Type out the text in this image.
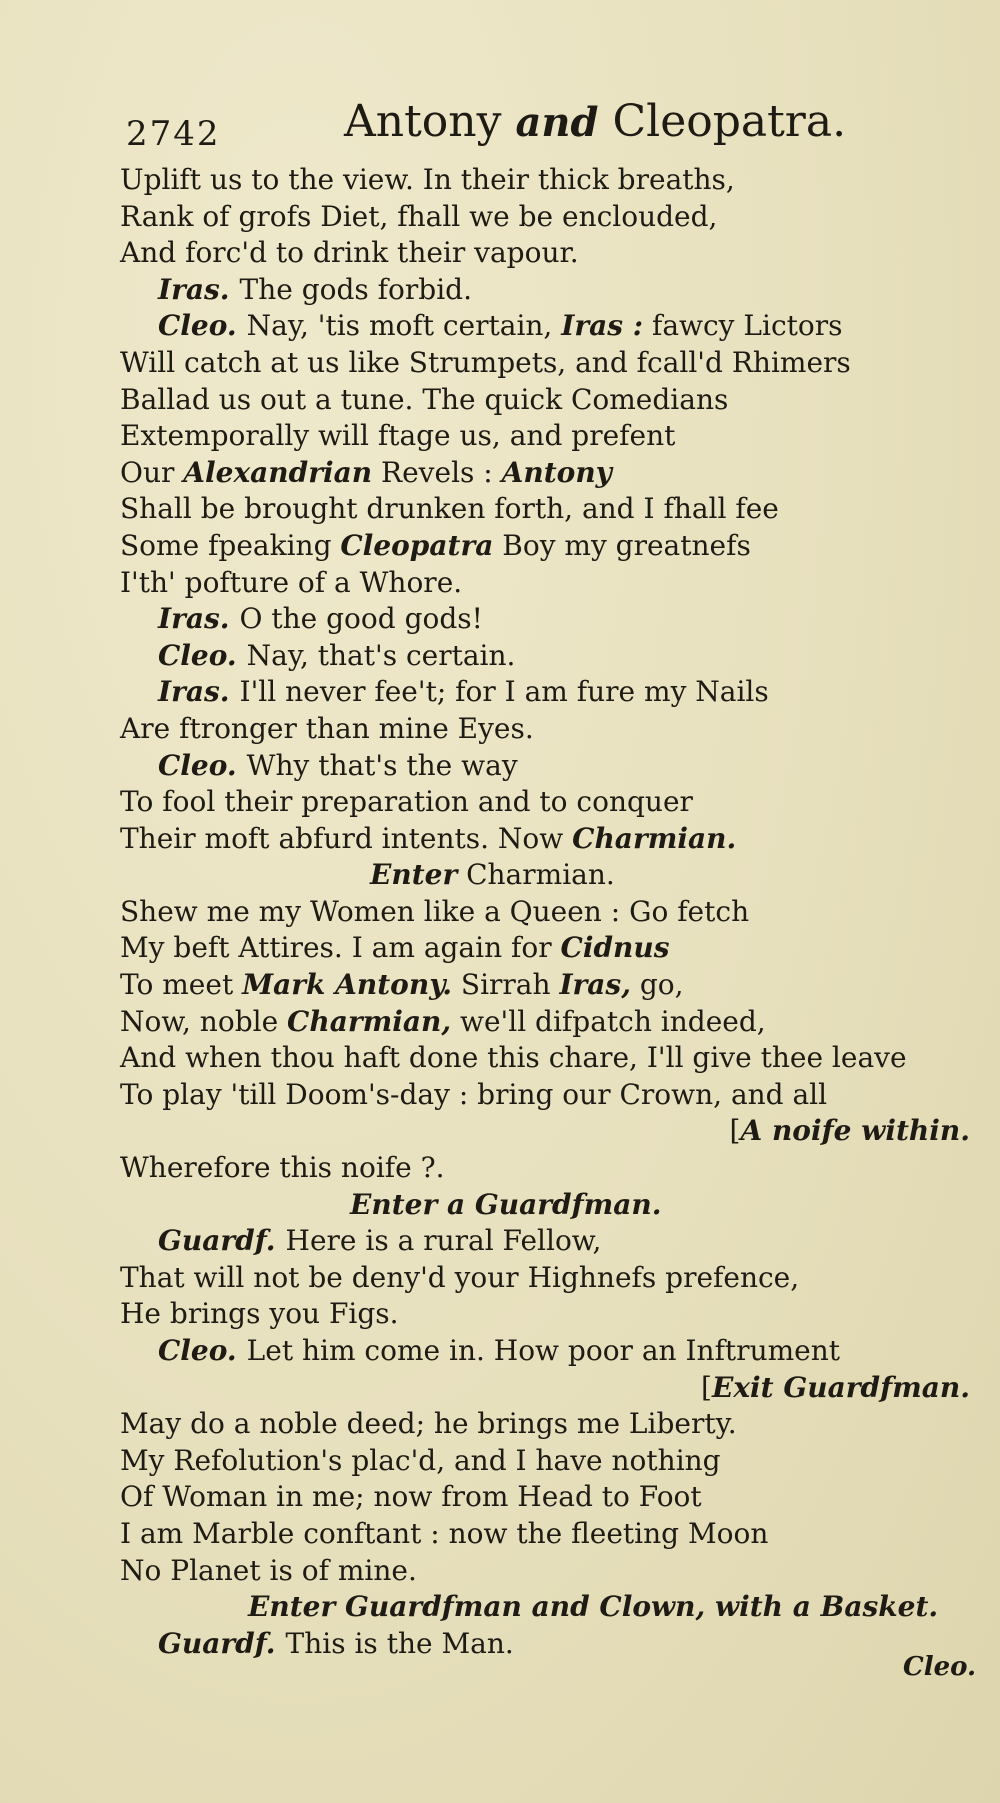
2742	Antony and Cleopatra.
Uplift us to the view. In their thick breaths,
Rank of grofs Diet, fhall we be enclouded,
And forc'd to drink their vapour.
Iras. The gods forbid.
Cleo. Nay, 'tis moft certain, Iras : fawcy Lictors
Will catch at us like Strumpets, and fcall'd Rhimers
Ballad us out a tune. The quick Comedians
Extemporally will ftage us, and prefent
Our Alexandrian Revels : Antony
Shall be brought drunken forth, and I fhall fee
Some fpeaking Cleopatra Boy my greatnefs
I'th' pofture of a Whore.
Iras. O the good gods!
Cleo. Nay, that's certain.
Iras. I'll never fee't; for I am fure my Nails
Are ftronger than mine Eyes.
Cleo. Why that's the way
To fool their preparation and to conquer
Their moft abfurd intents. Now Charmian.
Enter Charmian.
Shew me my Women like a Queen : Go fetch
My beft Attires. I am again for Cidnus
To meet Mark Antony. Sirrah Iras, go,
Now, noble Charmian, we'll difpatch indeed,
And when thou haft done this chare, I'll give thee leave
To play 'till Doom's-day : bring our Crown, and all
[A noife within.
Wherefore this noife ?.
Enter a Guardfman.
Guardf. Here is a rural Fellow,
That will not be deny'd your Highnefs prefence,
He brings you Figs.
Cleo. Let him come in. How poor an Inftrument
[Exit Guardfman.
May do a noble deed; he brings me Liberty.
My Refolution's plac'd, and I have nothing
Of Woman in me; now from Head to Foot
I am Marble conftant : now the fleeting Moon
No Planet is of mine.
Enter Guardfman and Clown, with a Basket.
Guardf. This is the Man.
Cleo.
